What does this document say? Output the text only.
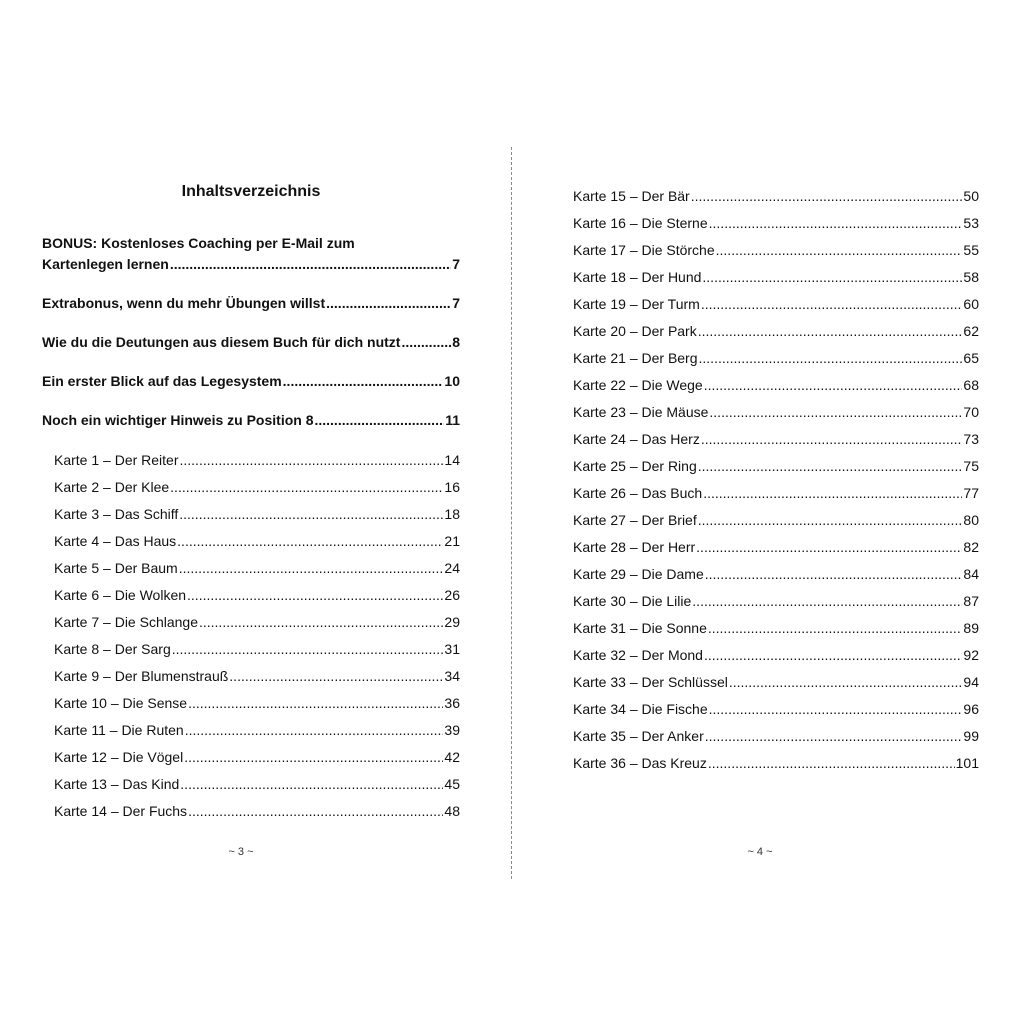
Inhaltsverzeichnis
BONUS: Kostenloses Coaching per E-Mail zum
Kartenlegen lernen .....	7
Extrabonus, wenn du mehr Übungen willst .....	7
Wie du die Deutungen aus diesem Buch für dich nutzt .....	8
Ein erster Blick auf das Legesystem .....	10
Noch ein wichtiger Hinweis zu Position 8 .....	11
Karte 1 – Der Reiter .....	14
Karte 2 – Der Klee .....	16
Karte 3 – Das Schiff .....	18
Karte 4 – Das Haus .....	21
Karte 5 – Der Baum .....	24
Karte 6 – Die Wolken .....	26
Karte 7 – Die Schlange .....	29
Karte 8 – Der Sarg .....	31
Karte 9 – Der Blumenstrauß .....	34
Karte 10 – Die Sense .....	36
Karte 11 – Die Ruten .....	39
Karte 12 – Die Vögel .....	42
Karte 13 – Das Kind .....	45
Karte 14 – Der Fuchs .....	48
Karte 15 – Der Bär .....	50
Karte 16 – Die Sterne .....	53
Karte 17 – Die Störche .....	55
Karte 18 – Der Hund .....	58
Karte 19 – Der Turm .....	60
Karte 20 – Der Park .....	62
Karte 21 – Der Berg .....	65
Karte 22 – Die Wege .....	68
Karte 23 – Die Mäuse .....	70
Karte 24 – Das Herz .....	73
Karte 25 – Der Ring .....	75
Karte 26 – Das Buch .....	77
Karte 27 – Der Brief .....	80
Karte 28 – Der Herr .....	82
Karte 29 – Die Dame .....	84
Karte 30 – Die Lilie .....	87
Karte 31 – Die Sonne .....	89
Karte 32 – Der Mond .....	92
Karte 33 – Der Schlüssel .....	94
Karte 34 – Die Fische .....	96
Karte 35 – Der Anker .....	99
Karte 36 – Das Kreuz .....	101
~ 3 ~	~ 4 ~
